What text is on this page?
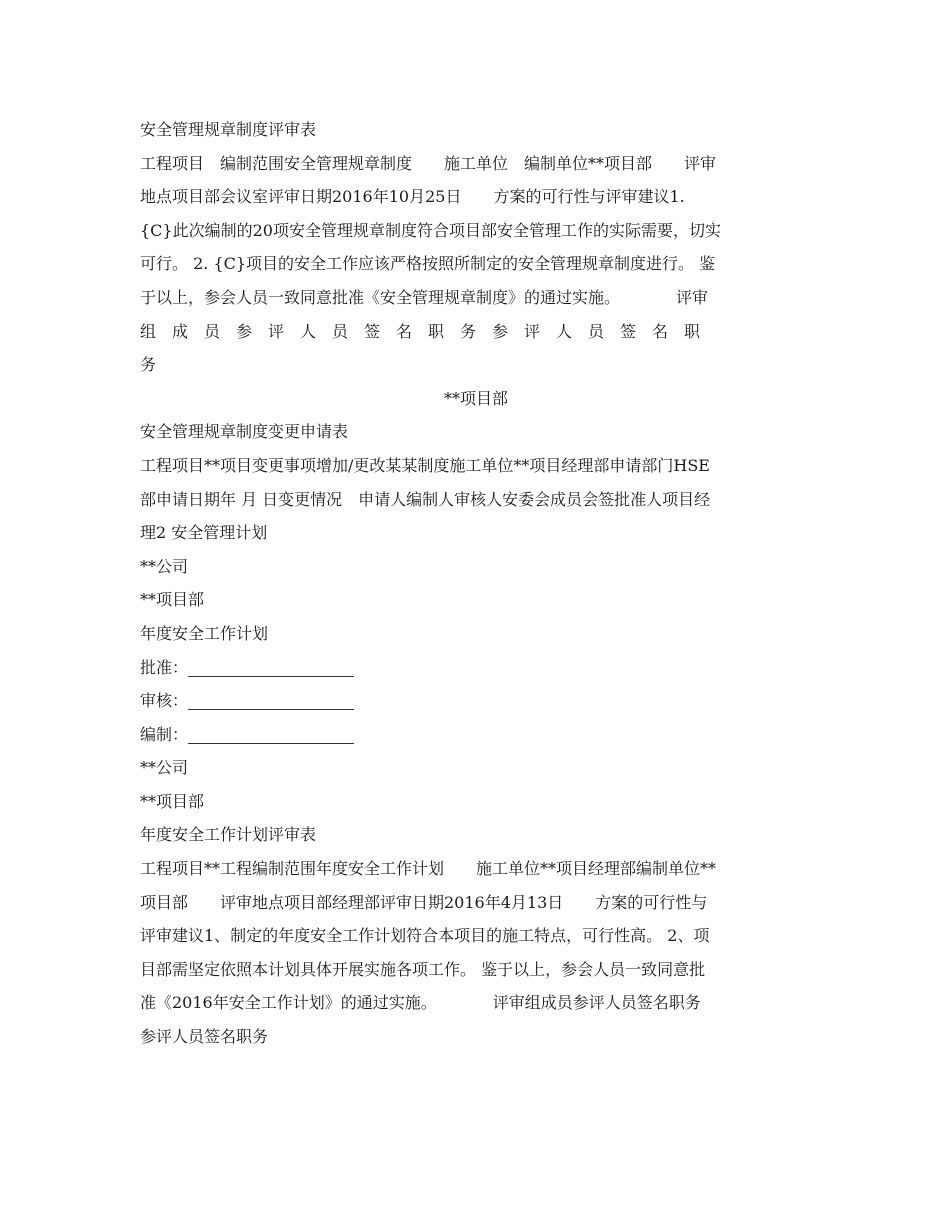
安全管理规章制度评审表

工程项目　编制范围安全管理规章制度　　施工单位　编制单位**项目部　　评审

地点项目部会议室评审日期2016年10月25日　　方案的可行性与评审建议1.

{C}此次编制的20项安全管理规章制度符合项目部安全管理工作的实际需要，切实

可行。 2. {C}项目的安全工作应该严格按照所制定的安全管理规章制度进行。 鉴

于以上，参会人员一致同意批准《安全管理规章制度》的通过实施。　　　　评审

组　成　员　参　评　人　员　签　名　职　务　参　评　人　员　签　名　职

务

**项目部

安全管理规章制度变更申请表

工程项目**项目变更事项增加/更改某某制度施工单位**项目经理部申请部门HSE

部申请日期年 月 日变更情况　申请人编制人审核人安委会成员会签批准人项目经

理2 安全管理计划

**公司

**项目部

年度安全工作计划

批准：

审核：

编制：

**公司

**项目部

年度安全工作计划评审表

工程项目**工程编制范围年度安全工作计划　　施工单位**项目经理部编制单位**

项目部　　评审地点项目部经理部评审日期2016年4月13日　　方案的可行性与

评审建议1、制定的年度安全工作计划符合本项目的施工特点，可行性高。 2、项

目部需坚定依照本计划具体开展实施各项工作。 鉴于以上，参会人员一致同意批

准《2016年安全工作计划》的通过实施。　　　　评审组成员参评人员签名职务

参评人员签名职务
